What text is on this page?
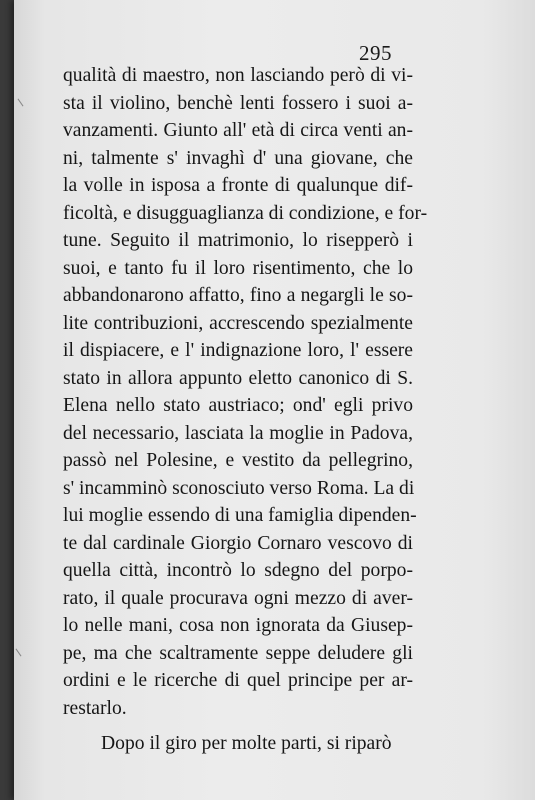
295
qualità di maestro, non lasciando però di vi-
sta il violino, benchè lenti fossero i suoi a-
vanzamenti. Giunto all' età di circa venti an-
ni, talmente s' invaghì d' una giovane, che
la volle in isposa a fronte di qualunque dif-
ficoltà, e disugguaglianza di condizione, e for-
tune. Seguito il matrimonio, lo risepperò i
suoi, e tanto fu il loro risentimento, che lo
abbandonarono affatto, fino a negargli le so-
lite contribuzioni, accrescendo spezialmente
il dispiacere, e l' indignazione loro, l' essere
stato in allora appunto eletto canonico di S.
Elena nello stato austriaco; ond' egli privo
del necessario, lasciata la moglie in Padova,
passò nel Polesine, e vestito da pellegrino,
s' incamminò sconosciuto verso Roma. La di
lui moglie essendo di una famiglia dipenden-
te dal cardinale Giorgio Cornaro vescovo di
quella città, incontrò lo sdegno del porpo-
rato, il quale procurava ogni mezzo di aver-
lo nelle mani, cosa non ignorata da Giusep-
pe, ma che scaltramente seppe deludere gli
ordini e le ricerche di quel principe per ar-
restarlo.
Dopo il giro per molte parti, si riparò
